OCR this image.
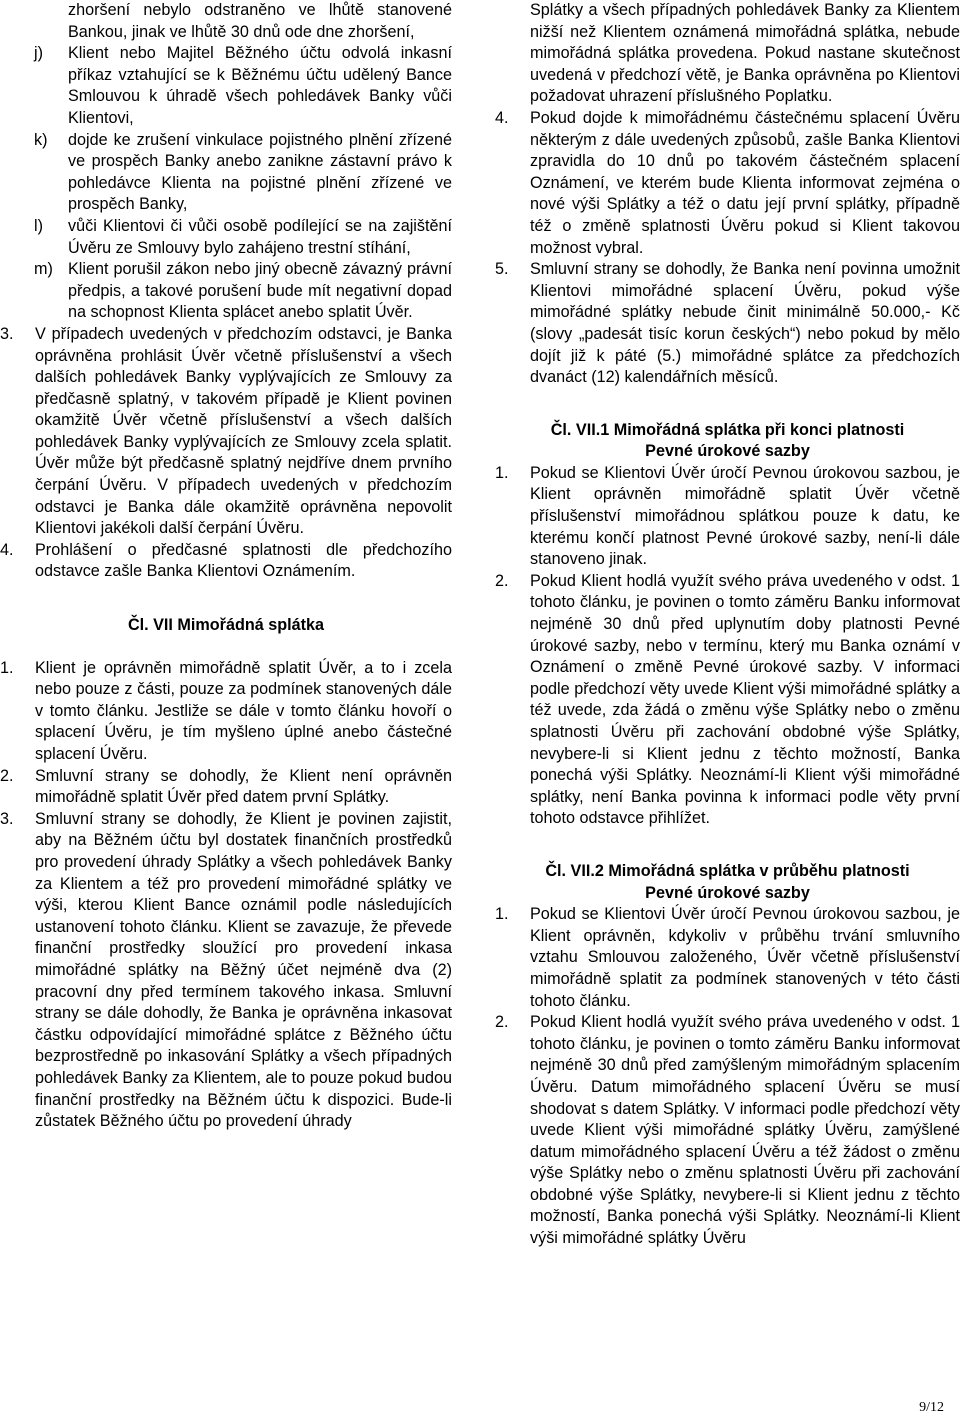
zhoršení nebylo odstraněno ve lhůtě stanovené Bankou, jinak ve lhůtě 30 dnů ode dne zhoršení,

j) Klient nebo Majitel Běžného účtu odvolá inkasní příkaz vztahující se k Běžnému účtu udělený Bance Smlouvou k úhradě všech pohledávek Banky vůči Klientovi,

k) dojde ke zrušení vinkulace pojistného plnění zřízené ve prospěch Banky anebo zanikne zástavní právo k pohledávce Klienta na pojistné plnění zřízené ve prospěch Banky,

l) vůči Klientovi či vůči osobě podílející se na zajištění Úvěru ze Smlouvy bylo zahájeno trestní stíhání,

m) Klient porušil zákon nebo jiný obecně závazný právní předpis, a takové porušení bude mít negativní dopad na schopnost Klienta splácet anebo splatit Úvěr.

3. V případech uvedených v předchozím odstavci, je Banka oprávněna prohlásit Úvěr včetně příslušenství a všech dalších pohledávek Banky vyplývajících ze Smlouvy za předčasně splatný, v takovém případě je Klient povinen okamžitě Úvěr včetně příslušenství a všech dalších pohledávek Banky vyplývajících ze Smlouvy zcela splatit. Úvěr může být předčasně splatný nejdříve dnem prvního čerpání Úvěru. V případech uvedených v předchozím odstavci je Banka dále okamžitě oprávněna nepovolit Klientovi jakékoli další čerpání Úvěru.

4. Prohlášení o předčasné splatnosti dle předchozího odstavce zašle Banka Klientovi Oznámením.

Čl. VII Mimořádná splátka

1. Klient je oprávněn mimořádně splatit Úvěr, a to i zcela nebo pouze z části, pouze za podmínek stanovených dále v tomto článku. Jestliže se dále v tomto článku hovoří o splacení Úvěru, je tím myšleno úplné anebo částečné splacení Úvěru.

2. Smluvní strany se dohodly, že Klient není oprávněn mimořádně splatit Úvěr před datem první Splátky.

3. Smluvní strany se dohodly, že Klient je povinen zajistit, aby na Běžném účtu byl dostatek finančních prostředků pro provedení úhrady Splátky a všech pohledávek Banky za Klientem a též pro provedení mimořádné splátky ve výši, kterou Klient Bance oznámil podle následujících ustanovení tohoto článku. Klient se zavazuje, že převede finanční prostředky sloužící pro provedení inkasa mimořádné splátky na Běžný účet nejméně dva (2) pracovní dny před termínem takového inkasa. Smluvní strany se dále dohodly, že Banka je oprávněna inkasovat částku odpovídající mimořádné splátce z Běžného účtu bezprostředně po inkasování Splátky a všech případných pohledávek Banky za Klientem, ale to pouze pokud budou finanční prostředky na Běžném účtu k dispozici. Bude-li zůstatek Běžného účtu po provedení úhrady

Splátky a všech případných pohledávek Banky za Klientem nižší než Klientem oznámená mimořádná splátka, nebude mimořádná splátka provedena. Pokud nastane skutečnost uvedená v předchozí větě, je Banka oprávněna po Klientovi požadovat uhrazení příslušného Poplatku.

4. Pokud dojde k mimořádnému částečnému splacení Úvěru některým z dále uvedených způsobů, zašle Banka Klientovi zpravidla do 10 dnů po takovém částečném splacení Oznámení, ve kterém bude Klienta informovat zejména o nové výši Splátky a též o datu její první splátky, případně též o změně splatnosti Úvěru pokud si Klient takovou možnost vybral.

5. Smluvní strany se dohodly, že Banka není povinna umožnit Klientovi mimořádné splacení Úvěru, pokud výše mimořádné splátky nebude činit minimálně 50.000,- Kč (slovy „padesát tisíc korun českých“) nebo pokud by mělo dojít již k páté (5.) mimořádné splátce za předchozích dvanáct (12) kalendářních měsíců.

Čl. VII.1 Mimořádná splátka při konci platnosti

Pevné úrokové sazby

1. Pokud se Klientovi Úvěr úročí Pevnou úrokovou sazbou, je Klient oprávněn mimořádně splatit Úvěr včetně příslušenství mimořádnou splátkou pouze k datu, ke kterému končí platnost Pevné úrokové sazby, není-li dále stanoveno jinak.

2. Pokud Klient hodlá využít svého práva uvedeného v odst. 1 tohoto článku, je povinen o tomto záměru Banku informovat nejméně 30 dnů před uplynutím doby platnosti Pevné úrokové sazby, nebo v termínu, který mu Banka oznámí v Oznámení o změně Pevné úrokové sazby. V informaci podle předchozí věty uvede Klient výši mimořádné splátky a též uvede, zda žádá o změnu výše Splátky nebo o změnu splatnosti Úvěru při zachování obdobné výše Splátky, nevybere-li si Klient jednu z těchto možností, Banka ponechá výši Splátky. Neoznámí-li Klient výši mimořádné splátky, není Banka povinna k informaci podle věty první tohoto odstavce přihlížet.

Čl. VII.2 Mimořádná splátka v průběhu platnosti

Pevné úrokové sazby

1. Pokud se Klientovi Úvěr úročí Pevnou úrokovou sazbou, je Klient oprávněn, kdykoliv v průběhu trvání smluvního vztahu Smlouvou založeného, Úvěr včetně příslušenství mimořádně splatit za podmínek stanovených v této části tohoto článku.

2. Pokud Klient hodlá využít svého práva uvedeného v odst. 1 tohoto článku, je povinen o tomto záměru Banku informovat nejméně 30 dnů před zamýšleným mimořádným splacením Úvěru. Datum mimořádného splacení Úvěru se musí shodovat s datem Splátky. V informaci podle předchozí věty uvede Klient výši mimořádné splátky Úvěru, zamýšlené datum mimořádného splacení Úvěru a též žádost o změnu výše Splátky nebo o změnu splatnosti Úvěru při zachování obdobné výše Splátky, nevybere-li si Klient jednu z těchto možností, Banka ponechá výši Splátky. Neoznámí-li Klient výši mimořádné splátky Úvěru

9/12
